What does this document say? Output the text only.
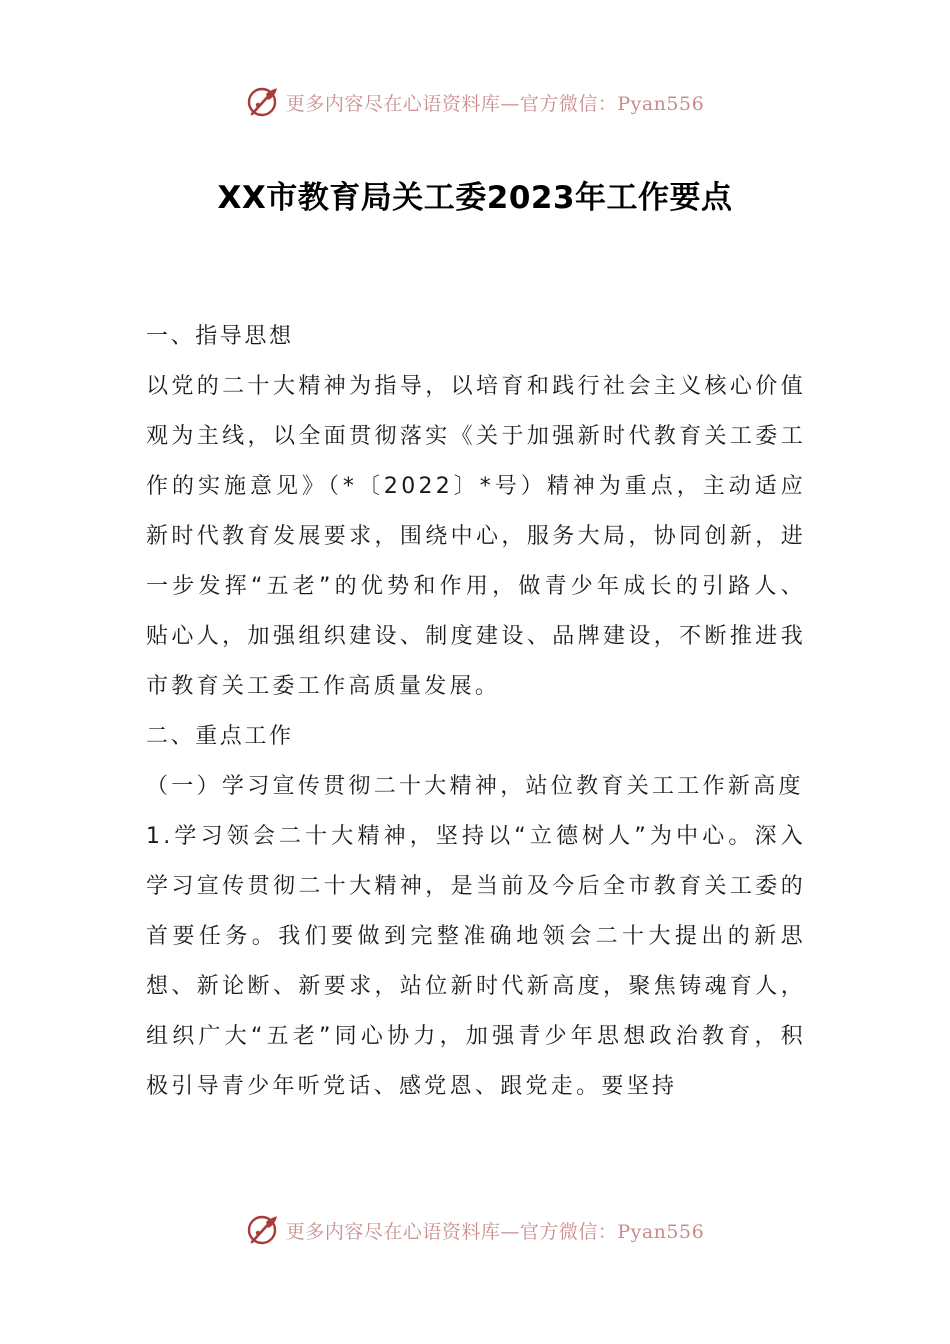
更多内容尽在心语资料库—官方微信：Pyan556
XX市教育局关工委2023年工作要点

一、指导思想

以党的二十大精神为指导，以培育和践行社会主义核心价值观为主线，以全面贯彻落实《关于加强新时代教育关工委工作的实施意见》（*〔2022〕*号）精神为重点，主动适应新时代教育发展要求，围绕中心，服务大局，协同创新，进一步发挥“五老”的优势和作用，做青少年成长的引路人、贴心人，加强组织建设、制度建设、品牌建设，不断推进我市教育关工委工作高质量发展。

二、重点工作

（一）学习宣传贯彻二十大精神，站位教育关工工作新高度

1.学习领会二十大精神，坚持以“立德树人”为中心。深入学习宣传贯彻二十大精神，是当前及今后全市教育关工委的首要任务。我们要做到完整准确地领会二十大提出的新思想、新论断、新要求，站位新时代新高度，聚焦铸魂育人，组织广大“五老”同心协力，加强青少年思想政治教育，积极引导青少年听党话、感党恩、跟党走。要坚持

更多内容尽在心语资料库—官方微信：Pyan556
